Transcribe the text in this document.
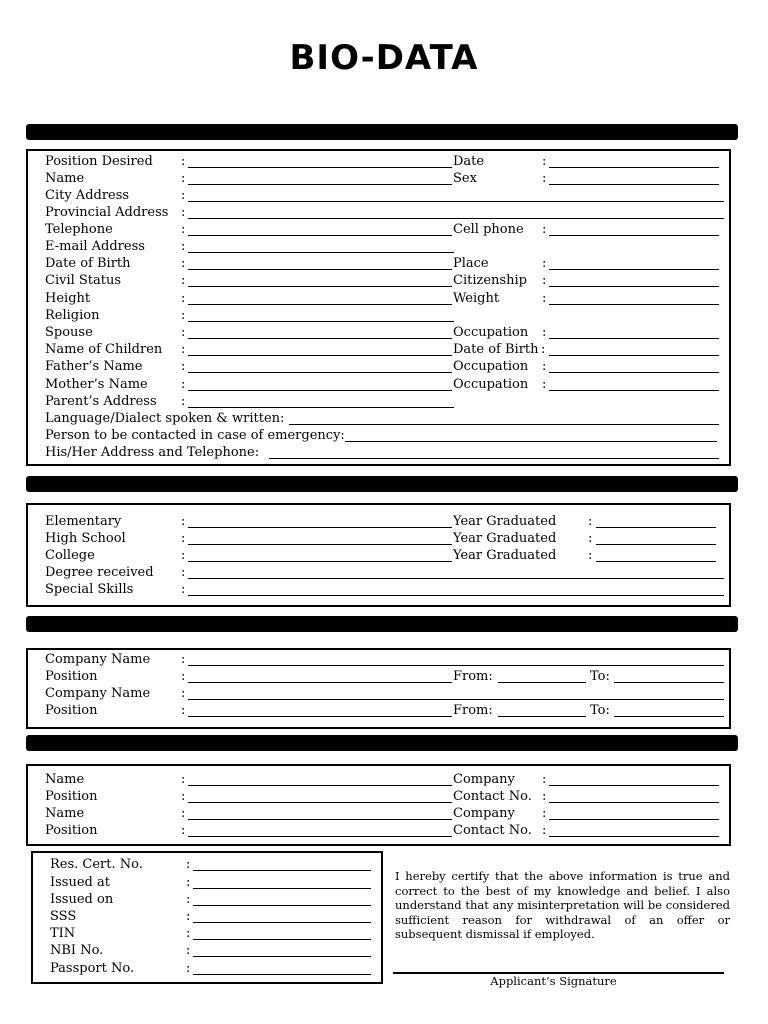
BIO-DATA
Position Desired :	Date	:
Name	:	Sex	:
City Address	:
Provincial Address :
Telephone	:	Cell phone :
E-mail Address	:
Date of Birth	:	Place	:
Civil Status	:	Citizenship :
Height	:	Weight	:
Religion	:
Spouse	:	Occupation :
Name of Children :	Date of Birth :
Father’s Name	:	Occupation :
Mother’s Name	:	Occupation :
Parent’s Address :
Language/Dialect spoken & written:
Person to be contacted in case of emergency:
His/Her Address and Telephone:
Elementary	:	Year Graduated :
High School	:	Year Graduated :
College	:	Year Graduated :
Degree received :
Special Skills	:
Company Name :
Position	:	From:	To:
Company Name :
Position	:	From:	To:
Name	:	Company :
Position	:	Contact No. :
Name	:	Company :
Position	:	Contact No. :
Res. Cert. No.	:
Issued at	:
Issued on	:
SSS	:
TIN	:
NBI No.	:
Passport No.	:
I hereby certify that the above information is true and correct to the best of my knowledge and belief. I also understand that any misinterpretation will be considered sufficient reason for withdrawal of an offer or subsequent dismissal if employed.
Applicant’s Signature
